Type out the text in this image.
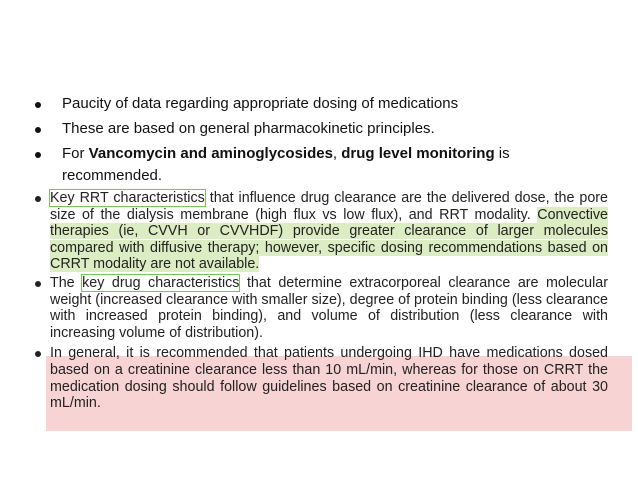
Paucity of data regarding appropriate dosing of medications
These are based on general pharmacokinetic principles.
For Vancomycin and aminoglycosides, drug level monitoring is recommended.
Key RRT characteristics that influence drug clearance are the delivered dose, the pore size of the dialysis membrane (high flux vs low flux), and RRT modality. Convective therapies (ie, CVVH or CVVHDF) provide greater clearance of larger molecules compared with diffusive therapy; however, specific dosing recommendations based on CRRT modality are not available.
The key drug characteristics that determine extracorporeal clearance are molecular weight (increased clearance with smaller size), degree of protein binding (less clearance with increased protein binding), and volume of distribution (less clearance with increasing volume of distribution).
In general, it is recommended that patients undergoing IHD have medications dosed based on a creatinine clearance less than 10 mL/min, whereas for those on CRRT the medication dosing should follow guidelines based on creatinine clearance of about 30 mL/min.
